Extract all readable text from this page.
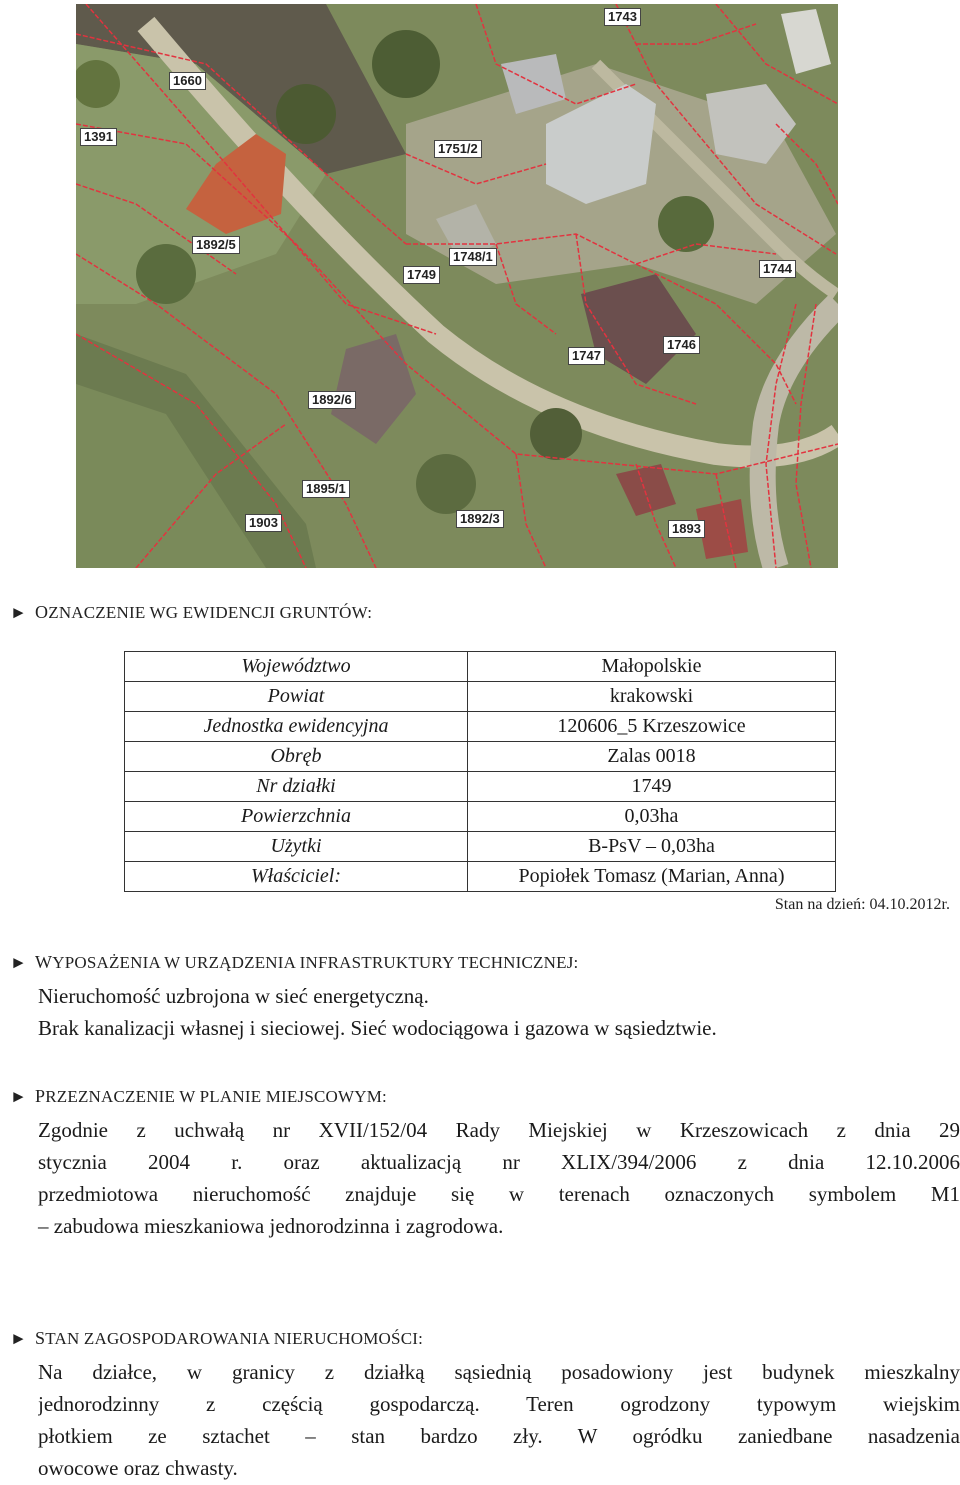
1743
1660
1391
1751/2
1892/5
1748/1
1749	1744
1747
1746
1892/6
1895/1
1903	1892/3
1893
► OZNACZENIE WG EWIDENCJI GRUNTÓW:
Województwo	Małopolskie
Powiat	krakowski
Jednostka ewidencyjna	120606_5 Krzeszowice
Obręb	Zalas 0018
Nr działki	1749
Powierzchnia	0,03ha
Użytki	B-PsV – 0,03ha
Właściciel:	Popiołek Tomasz (Marian, Anna)
Stan na dzień: 04.10.2012r.
► WYPOSAŻENIA W URZĄDZENIA INFRASTRUKTURY TECHNICZNEJ:
Nieruchomość uzbrojona w sieć energetyczną.
Brak kanalizacji własnej i sieciowej. Sieć wodociągowa i gazowa w sąsiedztwie.
► PRZEZNACZENIE W PLANIE MIEJSCOWYM:
Zgodnie z uchwałą nr XVII/152/04 Rady Miejskiej w Krzeszowicach z dnia 29
stycznia 2004 r. oraz aktualizacją nr XLIX/394/2006 z dnia 12.10.2006
przedmiotowa nieruchomość znajduje się w terenach oznaczonych symbolem M1
– zabudowa mieszkaniowa jednorodzinna i zagrodowa.
► STAN ZAGOSPODAROWANIA NIERUCHOMOŚCI:
Na działce, w granicy z działką sąsiednią posadowiony jest budynek mieszkalny
jednorodzinny z częścią gospodarczą. Teren ogrodzony typowym wiejskim
płotkiem ze sztachet – stan bardzo zły. W ogródku zaniedbane nasadzenia
owocowe oraz chwasty.
